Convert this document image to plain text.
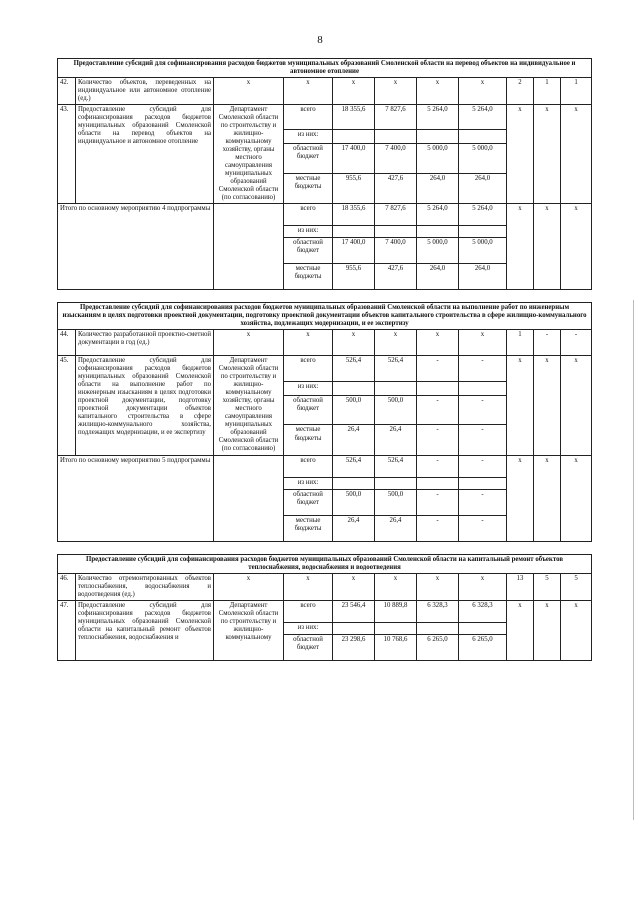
8
Предоставление субсидий для софинансирования расходов бюджетов муниципальных образований Смоленской области на перевод объектов на индивидуальное и автономное отопление										
42.	Количество объектов, переведенных на индивидуальное или автономное отопление (ед.)	х	х	х	х	х	х	2	1	1
43.	Предоставление субсидий для софинансирования расходов бюджетов муниципальных образований Смоленской области на перевод объектов на индивидуальное и автономное отопление	Департамент Смоленской области по строительству и жилищно-коммунальному хозяйству, органы местного самоуправления муниципальных образований Смоленской области (по согласованию)	всего	18 355,6	7 827,6	5 264,0	5 264,0	х	х	х
			из них:							
			областной бюджет	17 400,0	7 400,0	5 000,0	5 000,0			
			местные бюджеты	955,6	427,6	264,0	264,0			
Итого по основному мероприятию 4 подпрограммы			всего	18 355,6	7 827,6	5 264,0	5 264,0	х	х	х
			из них:							
			областной бюджет	17 400,0	7 400,0	5 000,0	5 000,0			
			местные бюджеты	955,6	427,6	264,0	264,0			

Предоставление субсидий для софинансирования расходов бюджетов муниципальных образований Смоленской области на выполнение работ по инженерным изысканиям в целях подготовки проектной документации, подготовку проектной документации объектов капитального строительства в сфере жилищно-коммунального хозяйства, подлежащих модернизации, и ее экспертизу										
44.	Количество разработанной проектно-сметной документации в год (ед.)	х	х	х	х	х	х	1	-	-
45.	Предоставление субсидий для софинансирования расходов бюджетов муниципальных образований Смоленской области на выполнение работ по инженерным изысканиям в целях подготовки проектной документации, подготовку проектной документации объектов капитального строительства в сфере жилищно-коммунального хозяйства, подлежащих модернизации, и ее экспертизу	Департамент Смоленской области по строительству и жилищно-коммунальному хозяйству, органы местного самоуправления муниципальных образований Смоленской области (по согласованию)	всего	526,4	526,4	-	-	х	х	х
			из них:							
			областной бюджет	500,0	500,0	-	-			
			местные бюджеты	26,4	26,4	-	-			
Итого по основному мероприятию 5 подпрограммы			всего	526,4	526,4	-	-	х	х	х
			из них:							
			областной бюджет	500,0	500,0	-	-			
			местные бюджеты	26,4	26,4	-	-			

Предоставление субсидий для софинансирования расходов бюджетов муниципальных образований Смоленской области на капитальный ремонт объектов теплоснабжения, водоснабжения и водоотведения										
46.	Количество отремонтированных объектов теплоснабжения, водоснабжения и водоотведения (ед.)	х	х	х	х	х	х	13	5	5
47.	Предоставление субсидий для софинансирования расходов бюджетов муниципальных образований Смоленской области на капитальный ремонт объектов теплоснабжения, водоснабжения и	Департамент Смоленской области по строительству и жилищно-коммунальному	всего	23 546,4	10 889,8	6 328,3	6 328,3	х	х	х
			из них:							
			областной бюджет	23 298,6	10 768,6	6 265,0	6 265,0			
